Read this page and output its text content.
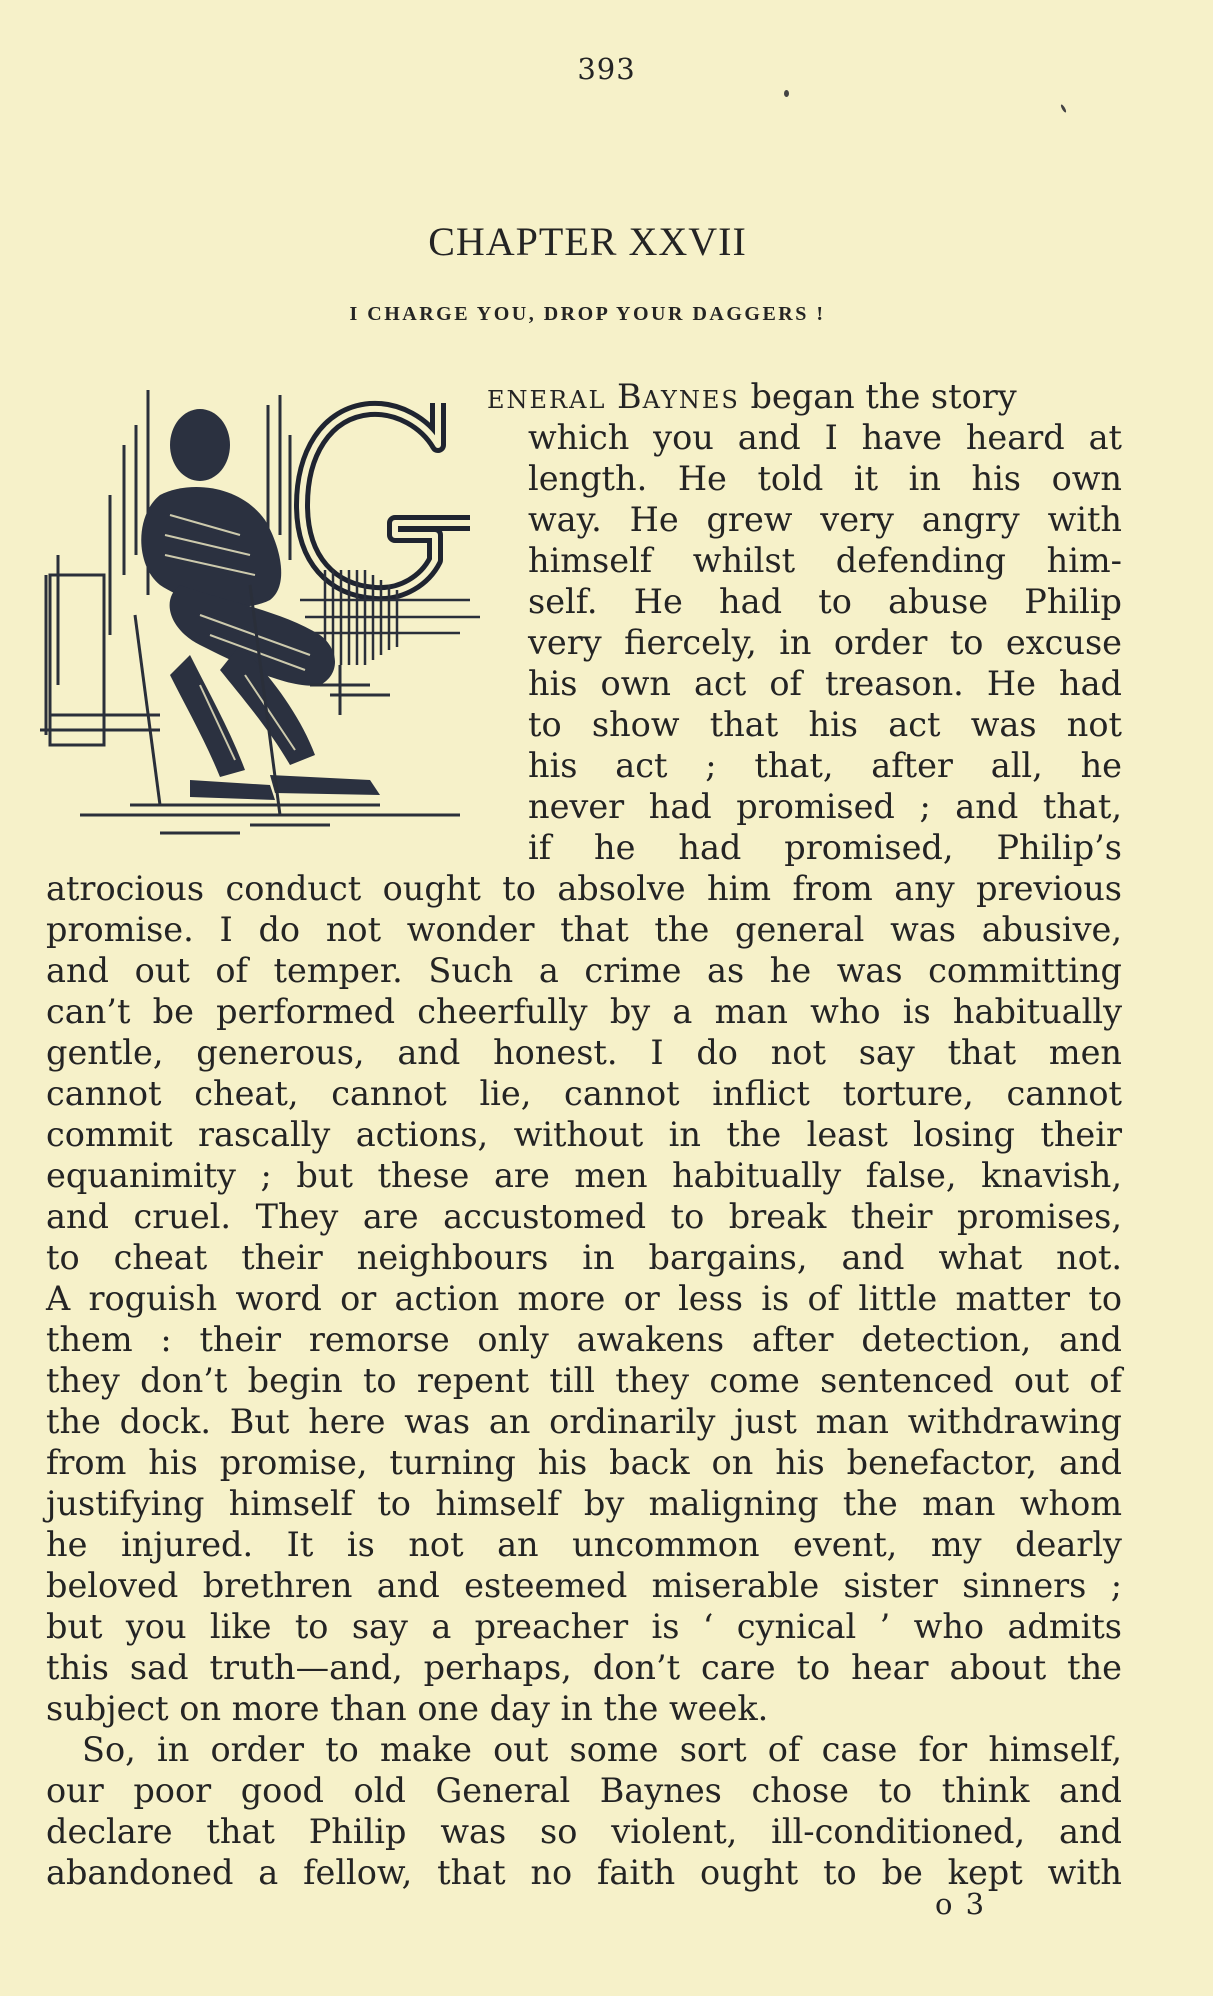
393
CHAPTER XXVII
I CHARGE YOU, DROP YOUR DAGGERS !
ENERAL BAYNES began the story
which you and I have heard at
length. He told it in his own
way. He grew very angry with
himself whilst defending him-
self. He had to abuse Philip
very fiercely, in order to excuse
his own act of treason. He had
to show that his act was not
his act ; that, after all, he
never had promised ; and that,
if he had promised, Philip’s
atrocious conduct ought to absolve him from any previous
promise. I do not wonder that the general was abusive,
and out of temper. Such a crime as he was committing
can’t be performed cheerfully by a man who is habitually
gentle, generous, and honest. I do not say that men
cannot cheat, cannot lie, cannot inflict torture, cannot
commit rascally actions, without in the least losing their
equanimity ; but these are men habitually false, knavish,
and cruel. They are accustomed to break their promises,
to cheat their neighbours in bargains, and what not.
A roguish word or action more or less is of little matter to
them : their remorse only awakens after detection, and
they don’t begin to repent till they come sentenced out of
the dock. But here was an ordinarily just man withdrawing
from his promise, turning his back on his benefactor, and
justifying himself to himself by maligning the man whom
he injured. It is not an uncommon event, my dearly
beloved brethren and esteemed miserable sister sinners ;
but you like to say a preacher is ‘ cynical ’ who admits
this sad truth—and, perhaps, don’t care to hear about the
subject on more than one day in the week.
So, in order to make out some sort of case for himself,
our poor good old General Baynes chose to think and
declare that Philip was so violent, ill-conditioned, and
abandoned a fellow, that no faith ought to be kept with
o 3
